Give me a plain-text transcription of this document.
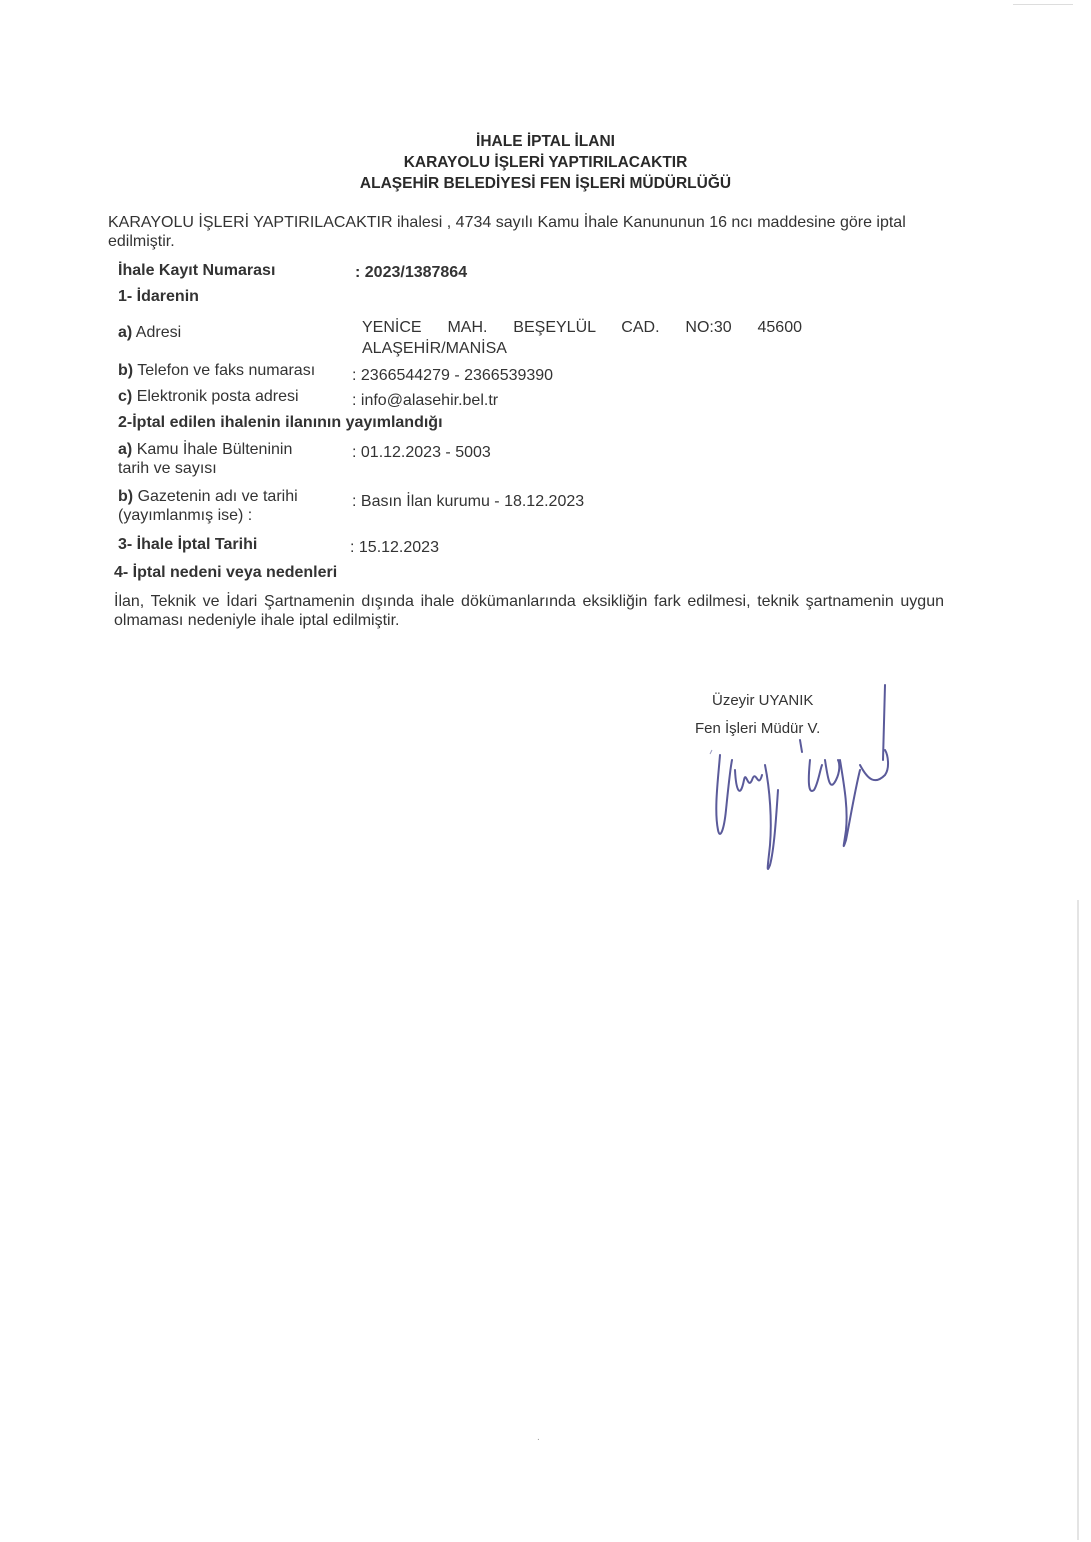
İHALE İPTAL İLANI
KARAYOLU İŞLERİ YAPTIRILACAKTIR
ALAŞEHİR BELEDİYESİ FEN İŞLERİ MÜDÜRLÜĞÜ
KARAYOLU İŞLERİ YAPTIRILACAKTIR ihalesi , 4734 sayılı Kamu İhale Kanununun 16 ncı maddesine göre iptal edilmiştir.
İhale Kayıt Numarası	: 2023/1387864
1- İdarenin
a) Adresi	YENİCE MAH. BEŞEYLÜL CAD. NO:30 45600
ALAŞEHİR/MANİSA
b) Telefon ve faks numarası : 2366544279 - 2366539390
c) Elektronik posta adresi	: info@alasehir.bel.tr
2-İptal edilen ihalenin ilanının yayımlandığı
a) Kamu İhale Bülteninin
tarih ve sayısı
: 01.12.2023 - 5003
b) Gazetenin adı ve tarihi
(yayımlanmış ise) :
: Basın İlan kurumu - 18.12.2023
3- İhale İptal Tarihi	: 15.12.2023
4- İptal nedeni veya nedenleri
İlan, Teknik ve İdari Şartnamenin dışında ihale dökümanlarında eksikliğin fark edilmesi, teknik şartnamenin uygun olmaması nedeniyle ihale iptal edilmiştir.
Üzeyir UYANIK
Fen İşleri Müdür V.
.
